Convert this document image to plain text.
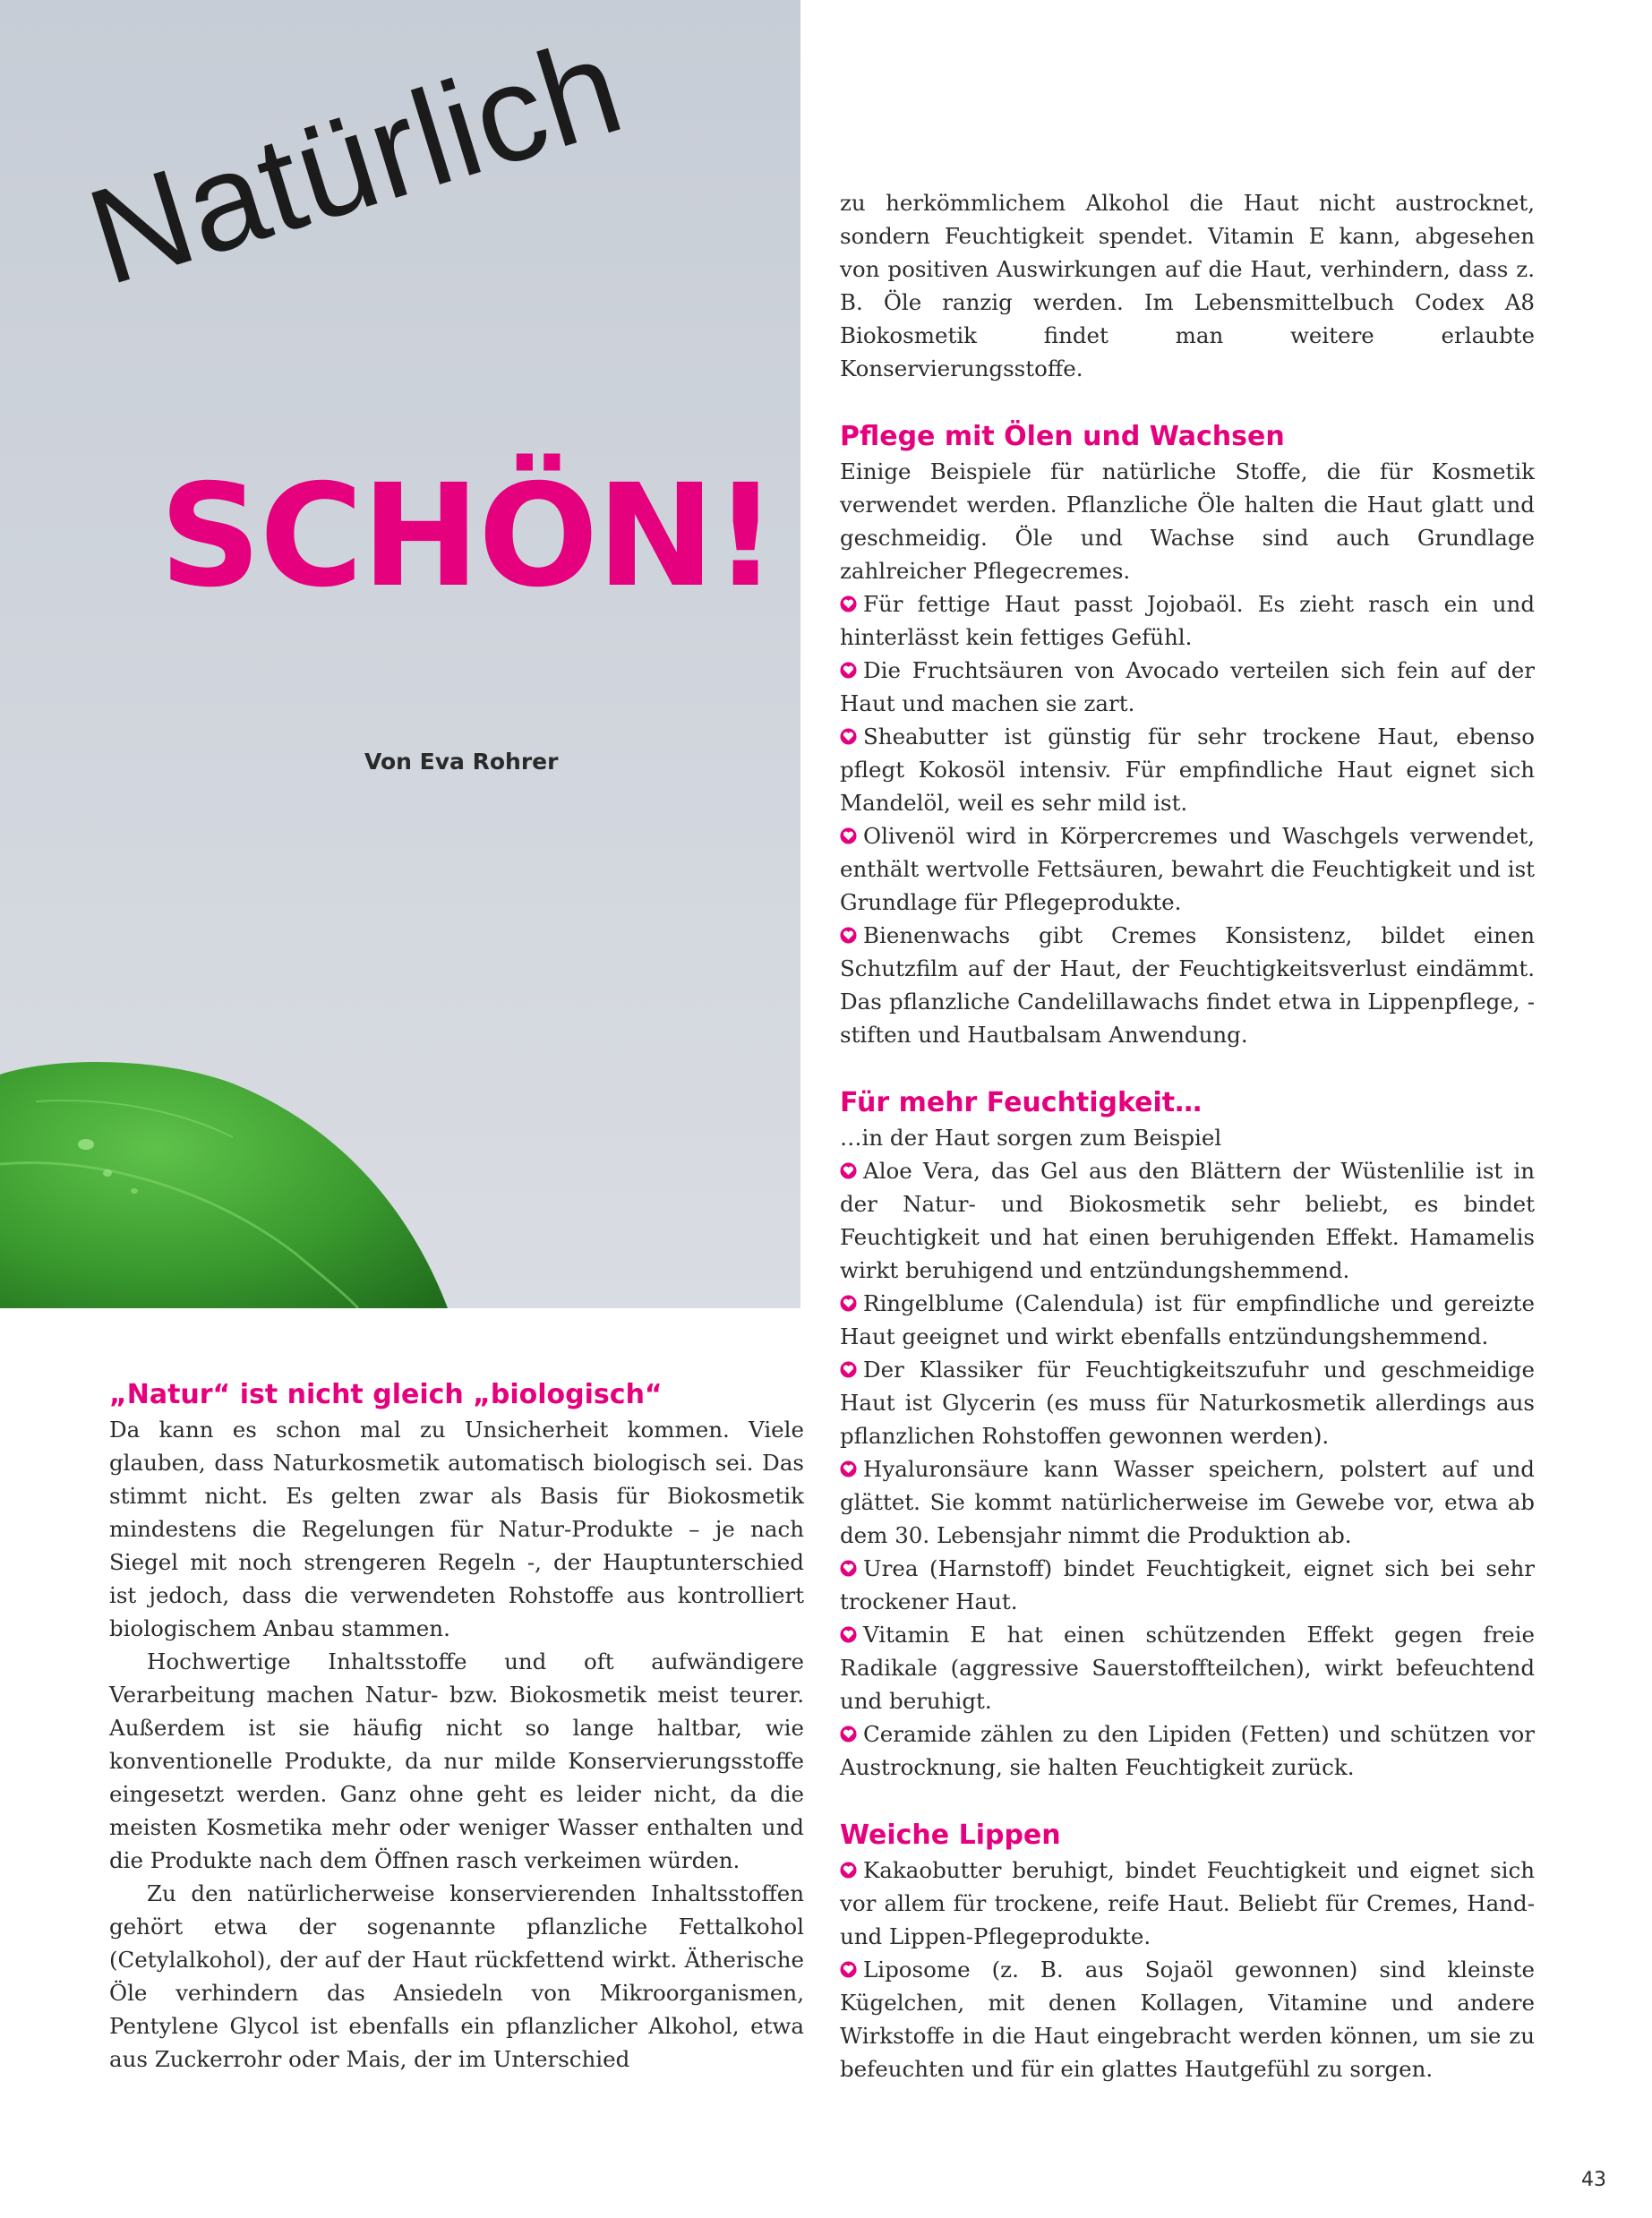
Natürlich
SCHÖN!
Von Eva Rohrer

zu herkömmlichem Alkohol die Haut nicht austrocknet, sondern Feuchtigkeit spendet. Vitamin E kann, abgesehen von positiven Auswirkungen auf die Haut, verhindern, dass z. B. Öle ranzig werden. Im Lebensmittelbuch Codex A8 Biokosmetik findet man weitere erlaubte Konservierungsstoffe.

Pflege mit Ölen und Wachsen

Einige Beispiele für natürliche Stoffe, die für Kosmetik verwendet werden. Pflanzliche Öle halten die Haut glatt und geschmeidig. Öle und Wachse sind auch Grundlage zahlreicher Pflegecremes.

Für fettige Haut passt Jojobaöl. Es zieht rasch ein und hinterlässt kein fettiges Gefühl.

Die Fruchtsäuren von Avocado verteilen sich fein auf der Haut und machen sie zart.

Sheabutter ist günstig für sehr trockene Haut, ebenso pflegt Kokosöl intensiv. Für empfindliche Haut eignet sich Mandelöl, weil es sehr mild ist.

Olivenöl wird in Körpercremes und Waschgels verwendet, enthält wertvolle Fettsäuren, bewahrt die Feuchtigkeit und ist Grundlage für Pflegeprodukte.

Bienenwachs gibt Cremes Konsistenz, bildet einen Schutzfilm auf der Haut, der Feuchtigkeitsverlust eindämmt. Das pflanzliche Candelillawachs findet etwa in Lippenpflege, -stiften und Hautbalsam Anwendung.

Für mehr Feuchtigkeit…

…in der Haut sorgen zum Beispiel

Aloe Vera, das Gel aus den Blättern der Wüstenlilie ist in der Natur- und Biokosmetik sehr beliebt, es bindet Feuchtigkeit und hat einen beruhigenden Effekt. Hamamelis wirkt beruhigend und entzündungshemmend.

Ringelblume (Calendula) ist für empfindliche und gereizte Haut geeignet und wirkt ebenfalls entzündungshemmend.

Der Klassiker für Feuchtigkeitszufuhr und geschmeidige Haut ist Glycerin (es muss für Naturkosmetik allerdings aus pflanzlichen Rohstoffen gewonnen werden).

Hyaluronsäure kann Wasser speichern, polstert auf und glättet. Sie kommt natürlicherweise im Gewebe vor, etwa ab dem 30. Lebensjahr nimmt die Produktion ab.

Urea (Harnstoff) bindet Feuchtigkeit, eignet sich bei sehr trockener Haut.

Vitamin E hat einen schützenden Effekt gegen freie Radikale (aggressive Sauerstoffteilchen), wirkt befeuchtend und beruhigt.

Ceramide zählen zu den Lipiden (Fetten) und schützen vor Austrocknung, sie halten Feuchtigkeit zurück.

Weiche Lippen

Kakaobutter beruhigt, bindet Feuchtigkeit und eignet sich vor allem für trockene, reife Haut. Beliebt für Cremes, Hand- und Lippen-Pflegeprodukte.

Liposome (z. B. aus Sojaöl gewonnen) sind kleinste Kügelchen, mit denen Kollagen, Vitamine und andere Wirkstoffe in die Haut eingebracht werden können, um sie zu befeuchten und für ein glattes Hautgefühl zu sorgen.

„Natur“ ist nicht gleich „biologisch“

Da kann es schon mal zu Unsicherheit kommen. Viele glauben, dass Naturkosmetik automatisch biologisch sei. Das stimmt nicht. Es gelten zwar als Basis für Biokosmetik mindestens die Regelungen für Natur-Produkte – je nach Siegel mit noch strengeren Regeln -, der Hauptunterschied ist jedoch, dass die verwendeten Rohstoffe aus kontrolliert biologischem Anbau stammen.

Hochwertige Inhaltsstoffe und oft aufwändigere Verarbeitung machen Natur- bzw. Biokosmetik meist teurer. Außerdem ist sie häufig nicht so lange haltbar, wie konventionelle Produkte, da nur milde Konservierungsstoffe eingesetzt werden. Ganz ohne geht es leider nicht, da die meisten Kosmetika mehr oder weniger Wasser enthalten und die Produkte nach dem Öffnen rasch verkeimen würden.

Zu den natürlicherweise konservierenden Inhaltsstoffen gehört etwa der sogenannte pflanzliche Fettalkohol (Cetylalkohol), der auf der Haut rückfettend wirkt. Ätherische Öle verhindern das Ansiedeln von Mikroorganismen, Pentylene Glycol ist ebenfalls ein pflanzlicher Alkohol, etwa aus Zuckerrohr oder Mais, der im Unterschied

43
